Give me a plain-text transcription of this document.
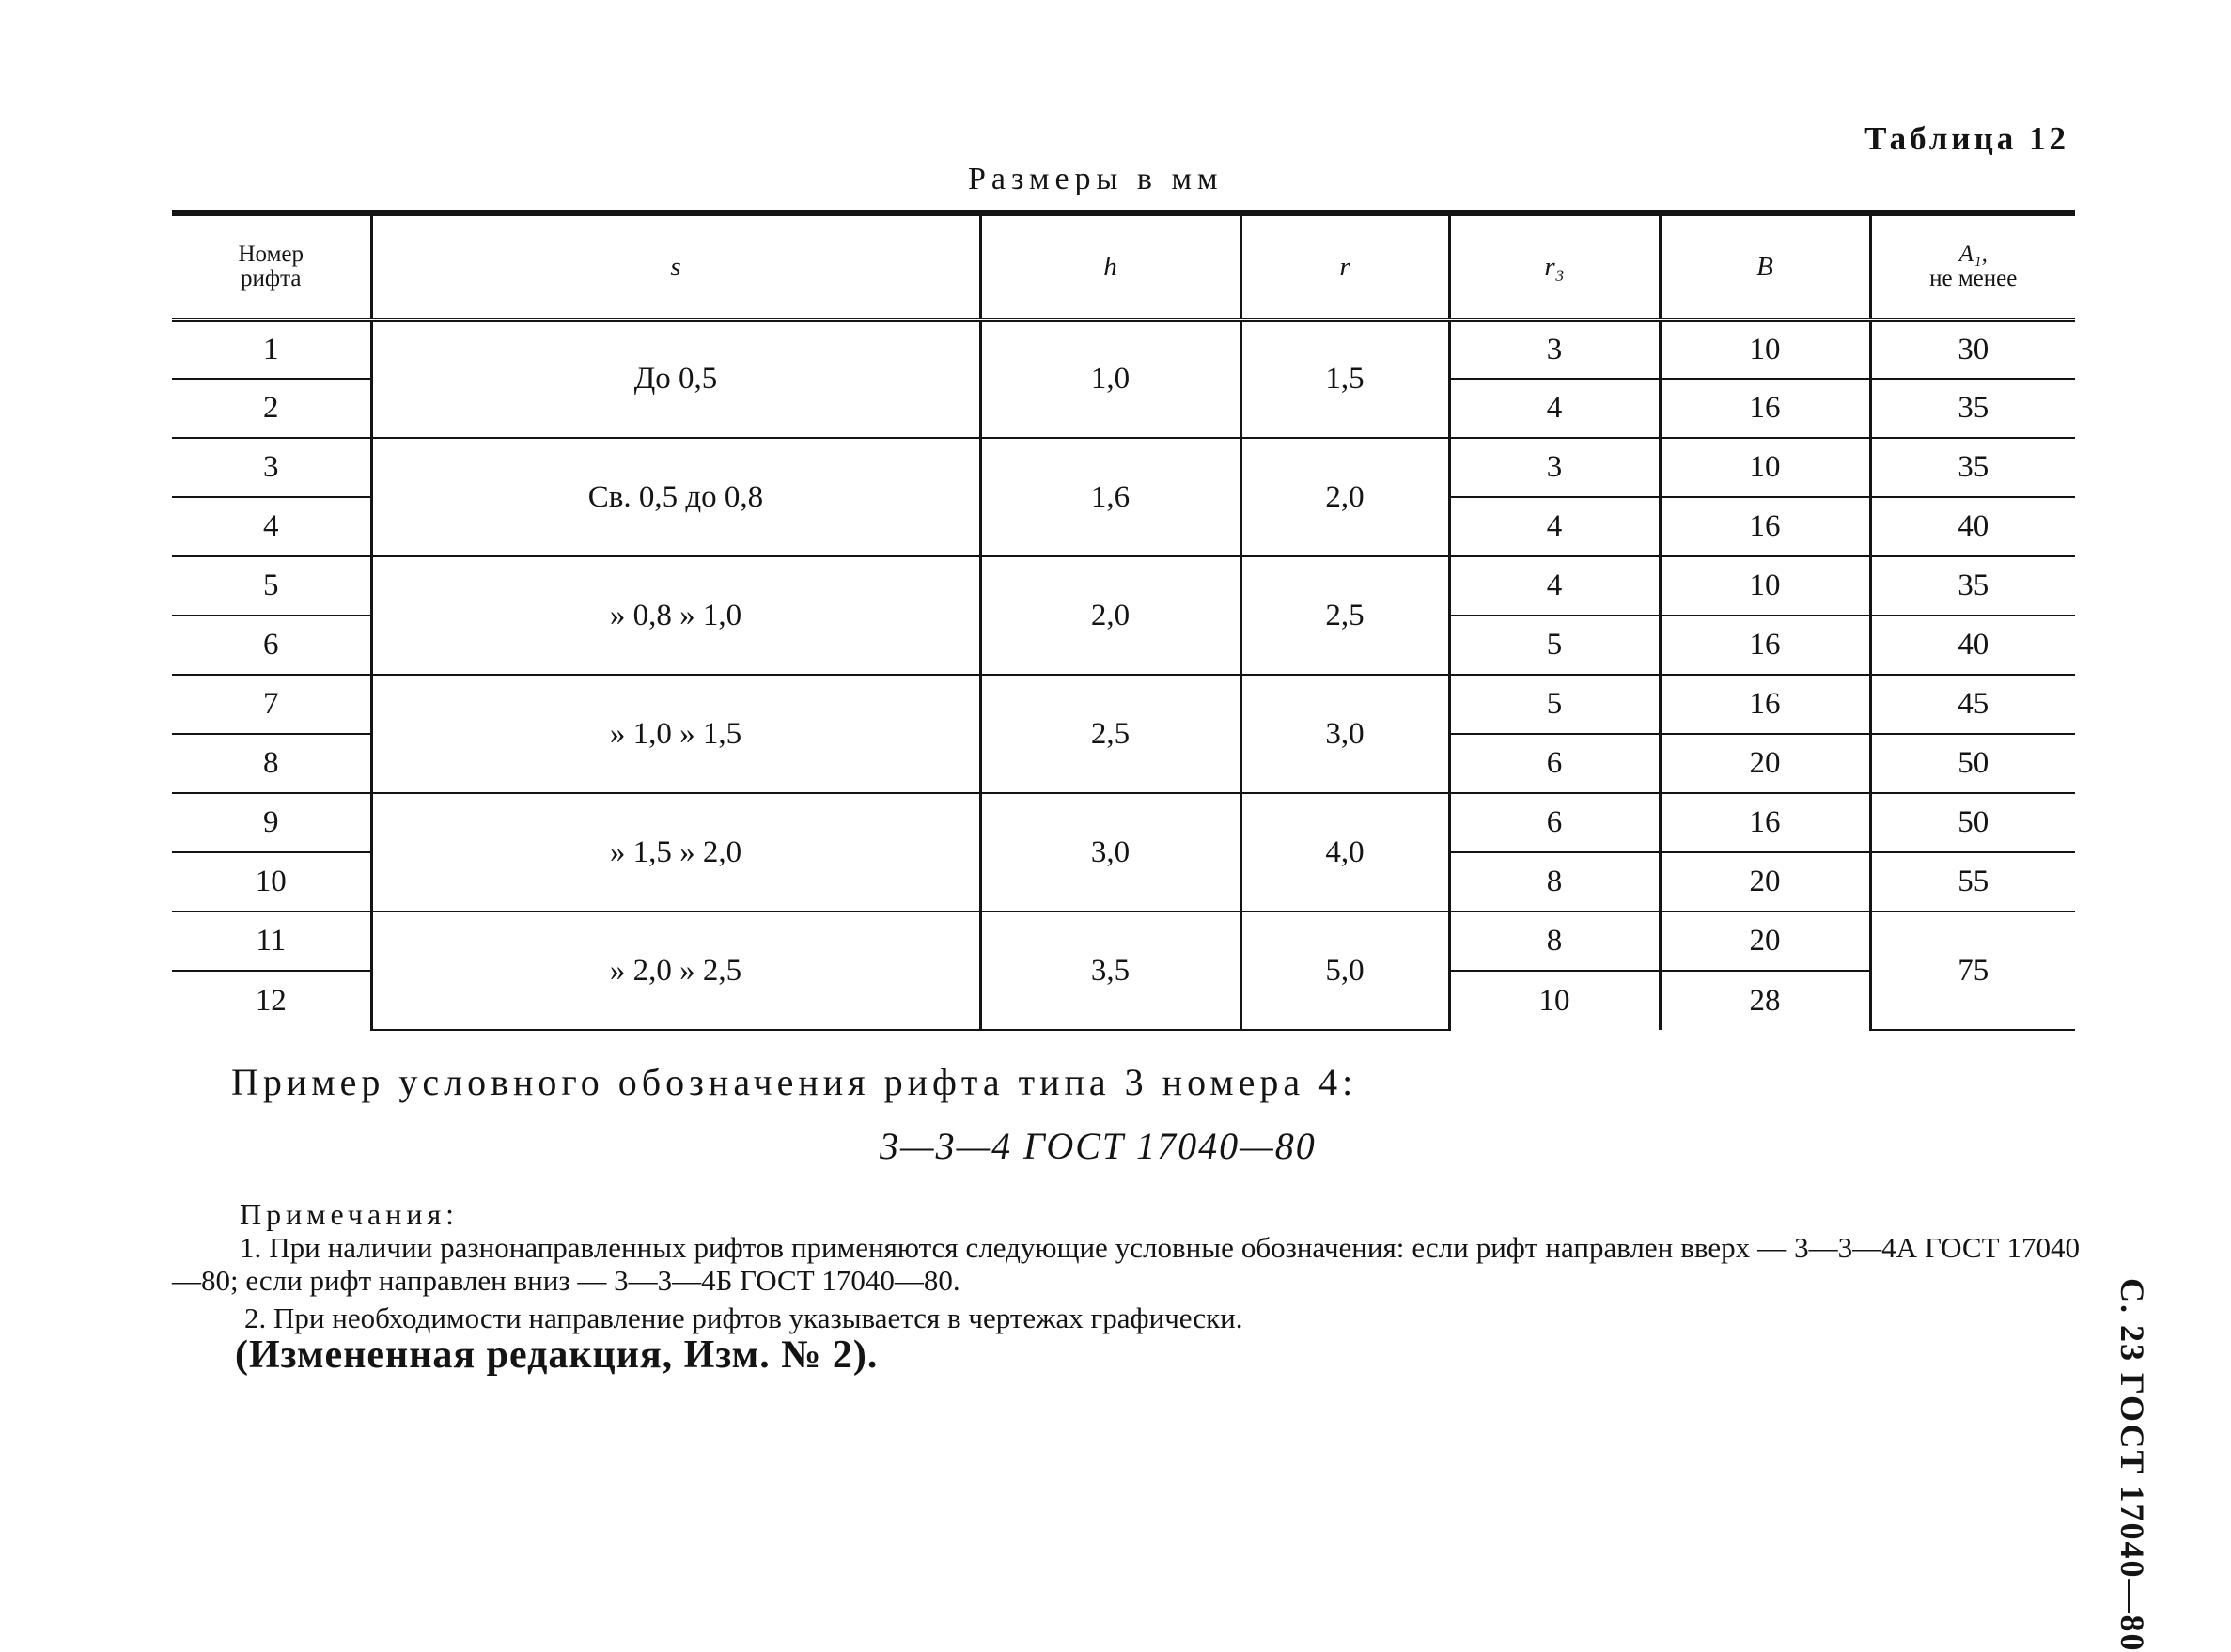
Таблица 12
Размеры в мм
Номер
рифта	s	h	r	r₃	B	A₁,
не менее
1	До 0,5	1,0	1,5	3	10	30
2				4	16	35
3	Св. 0,5 до 0,8	1,6	2,0	3	10	35
4				4	16	40
5	» 0,8 » 1,0	2,0	2,5	4	10	35
6				5	16	40
7	» 1,0 » 1,5	2,5	3,0	5	16	45
8				6	20	50
9	» 1,5 » 2,0	3,0	4,0	6	16	50
10				8	20	55
11	» 2,0 » 2,5	3,5	5,0	8	20	75
12				10	28	
Пример условного обозначения рифта типа 3 номера 4:
3—3—4 ГОСТ 17040—80
Примечания:
1. При наличии разнонаправленных рифтов применяются следующие условные обозначения: если рифт направлен вверх — 3—3—4А ГОСТ 17040—80; если рифт направлен вниз — 3—3—4Б ГОСТ 17040—80.
2. При необходимости направление рифтов указывается в чертежах графически.
(Измененная редакция, Изм. № 2).	С. 23 ГОСТ 17040—80
